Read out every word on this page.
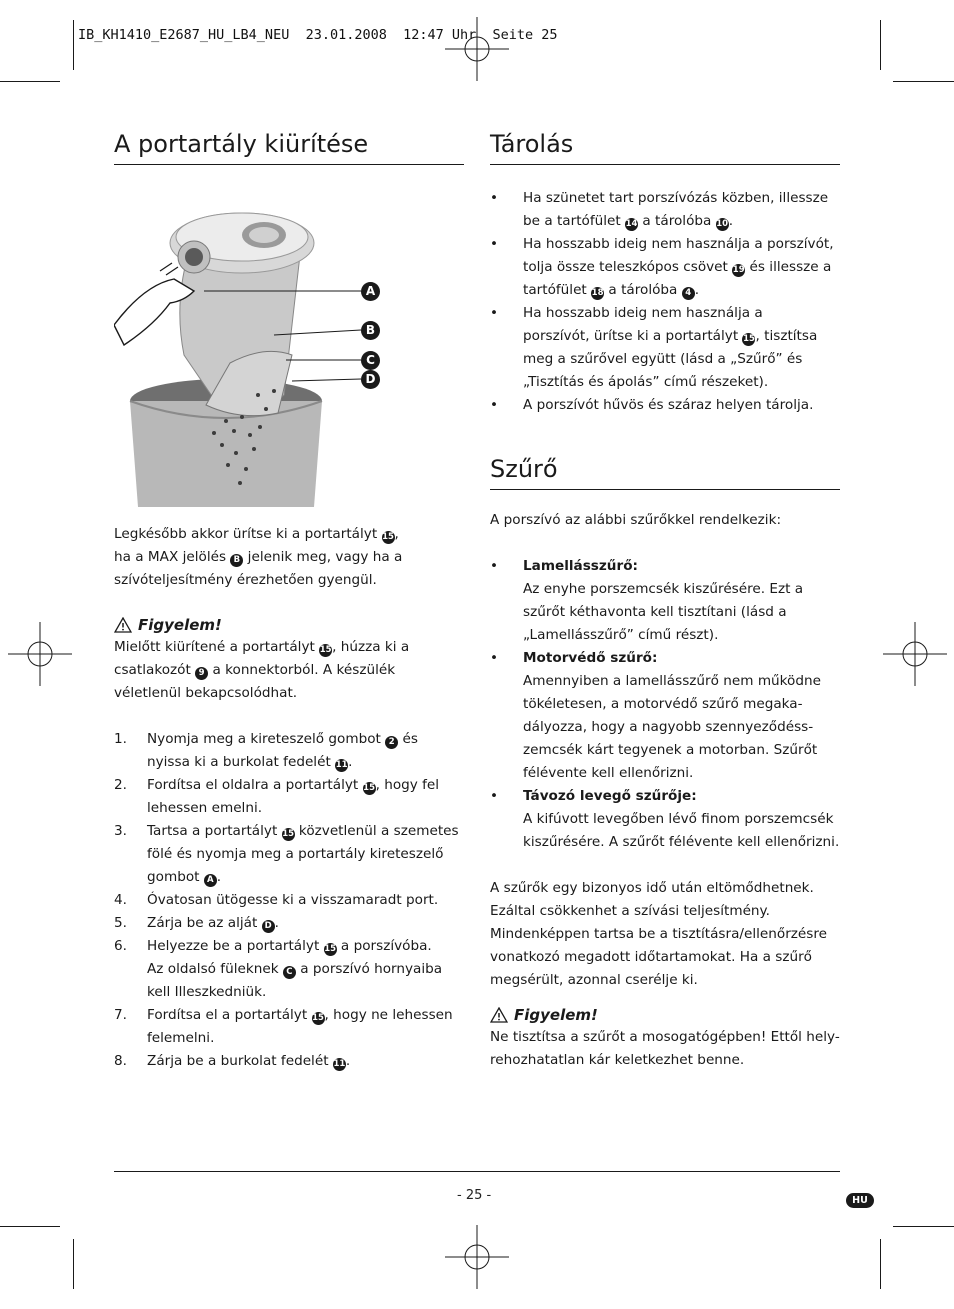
IB_KH1410_E2687_HU_LB4_NEU  23.01.2008  12:47 Uhr  Seite 25
A portartály kiürítése
A
B
C
D

Legkésőbb akkor ürítse ki a portartályt 15,
ha a MAX jelölés B jelenik meg, vagy ha a
szívóteljesítmény érezhetően gyengül.

Figyelem!

Mielőtt kiürítené a portartályt 15, húzza ki a
csatlakozót 9 a konnektorból. A készülék
véletlenül bekapcsolódhat.

1. Nyomja meg a kireteszelő gombot 2 és
nyissa ki a burkolat fedelét 11.
2. Fordítsa el oldalra a portartályt 15, hogy fel
lehessen emelni.
3. Tartsa a portartályt 15 közvetlenül a szemetes
fölé és nyomja meg a portartály kireteszelő
gombot A .
4. Óvatosan ütögesse ki a visszamaradt port.
5. Zárja be az alját D .
6. Helyezze be a portartályt 15 a porszívóba.
Az oldalsó füleknek C a porszívó hornyaiba
kell Illeszkedniük.
7. Fordítsa el a portartályt 15, hogy ne lehessen
felemelni.
8. Zárja be a burkolat fedelét 11.
Tárolás
• Ha szünetet tart porszívózás közben, illessze
be a tartófület 14 a tárolóba 10.
• Ha hosszabb ideig nem használja a porszívót,
tolja össze teleszkópos csövet 19 és illessze a
tartófület 18 a tárolóba 4 .
• Ha hosszabb ideig nem használja a
porszívót, ürítse ki a portartályt 15, tisztítsa
meg a szűrővel együtt (lásd a „Szűrő” és
„Tisztítás és ápolás” című részeket).
• A porszívót hűvös és száraz helyen tárolja.
Szűrő

A porszívó az alábbi szűrőkkel rendelkezik:

• Lamellásszűrő:
Az enyhe porszemcsék kiszűrésére. Ezt a
szűrőt kéthavonta kell tisztítani (lásd a
„Lamellásszűrő” című részt).
• Motorvédő szűrő:
Amennyiben a lamellásszűrő nem működne
tökéletesen, a motorvédő szűrő megaka-
dályozza, hogy a nagyobb szennyeződéss-
zemcsék kárt tegyenek a motorban. Szűrőt
félévente kell ellenőrizni.
• Távozó levegő szűrője:
A kifúvott levegőben lévő finom porszemcsék
kiszűrésére. A szűrőt félévente kell ellenőrizni.

A szűrők egy bizonyos idő után eltömődhetnek.
Ezáltal csökkenhet a szívási teljesítmény.
Mindenképpen tartsa be a tisztításra/ellenőrzésre
vonatkozó megadott időtartamokat. Ha a szűrő
megsérült, azonnal cserélje ki.

Figyelem!

Ne tisztítsa a szűrőt a mosogatógépben! Ettől hely-
rehozhatatlan kár keletkezhet benne.

- 25 -	HU
